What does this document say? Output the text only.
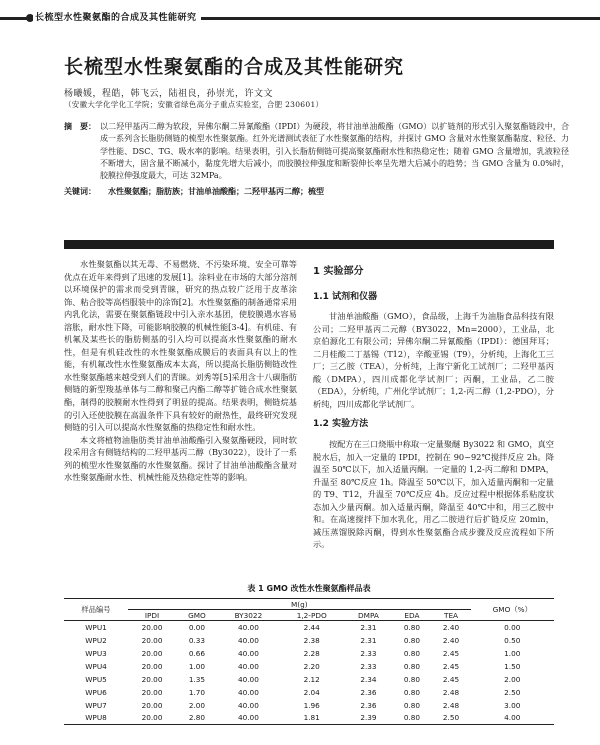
长梳型水性聚氨酯的合成及其性能研究
长梳型水性聚氨酯的合成及其性能研究
杨曦媛，程皓，韩飞云，陆祖良，孙崇光，许文文
（安徽大学化学化工学院；安徽省绿色高分子重点实验室，合肥 230601）
摘　要： 以二羟甲基丙二醇为软段，异佛尔酮二异氰酸酯（IPDI）为硬段，将甘油单油酸酯（GMO）以扩链剂的形式引入聚氨酯链段中，合成一系列含长脂肪侧链的梳型水性聚氨酯。红外光谱测试表征了水性聚氨酯的结构，并探讨 GMO 含量对水性聚氨酯黏度、粒径、力学性能、DSC、TG、吸水率的影响。结果表明，引入长脂肪侧链可提高聚氨酯耐水性和热稳定性；随着 GMO 含量增加，乳液粒径不断增大，固含量不断减小，黏度先增大后减小，而胶膜拉伸强度和断裂伸长率呈先增大后减小的趋势；当 GMO 含量为 0.0%时，胶膜拉伸强度最大，可达 32MPa。
关键词：	水性聚氨酯；脂肪族；甘油单油酸酯；二羟甲基丙二醇；梳型

水性聚氨酯以其无毒、不易燃烧、不污染环境、安全可靠等优点在近年来得到了迅速的发展[1]。涂料业在市场的大部分溶剂以环境保护的需求而受到青睐，研究的热点较广泛用于皮革涂饰、粘合胶等高档服装中的涂饰[2]。水性聚氨酯的制备通常采用内乳化法，需要在聚氨酯链段中引入亲水基团，使胶膜遇水容易溶胀，耐水性下降，可能影响胶膜的机械性能[3-4]。有机硅、有机氟及某些长的脂肪侧基的引入均可以提高水性聚氨酯的耐水性，但是有机硅改性的水性聚氨酯成膜后的表面具有以上的性能，有机氟改性水性聚氨酯成本太高，所以提高长脂肪侧链改性水性聚氨酯越来越受到人们的青睐。刘秀等[5]采用含十八碳脂肪侧链的新型羧基单体与二醇和聚己内酯二醇等扩链合成水性聚氨酯，制得的胶膜耐水性得到了明显的提高。结果表明，侧链烷基的引入还使胶膜在高温条件下具有较好的耐热性，最终研究发现侧链的引入可以提高水性聚氨酯的热稳定性和耐水性。

本文将植物油脂肪类甘油单油酸酯引入聚氨酯硬段，同时软段采用含有侧链结构的二羟甲基丙二醇（By3022），设计了一系列的梳型水性聚氨酯的水性聚氨酯。探讨了甘油单油酸酯含量对水性聚氨酯耐水性、机械性能及热稳定性等的影响。

1 实验部分
1.1 试剂和仪器
甘油单油酸酯（GMO），食品级，上海千为油脂食品科技有限公司；二羟甲基丙二元醇（BY3022，Mn=2000），工业品，北京伯源化工有限公司；异佛尔酮二异氰酸酯（IPDI）：德国拜耳；二月桂酸二丁基锡（T12），辛酸亚锡（T9），分析纯，上海化工三厂；三乙胺（TEA），分析纯，上海宁新化工试剂厂；二羟甲基丙酸（DMPA），四川成都化学试剂厂；丙酮，工业品，乙二胺（EDA），分析纯，广州化学试剂厂；1,2-丙二醇（1,2-PDO），分析纯，四川成都化学试剂厂。
1.2 实验方法
按配方在三口烧瓶中称取一定量聚醚 By3022 和 GMO，真空脱水后，加入一定量的 IPDI，控制在 90~92℃搅拌反应 2h。降温至 50℃以下，加入适量丙酮。一定量的 1,2-丙二醇和 DMPA，升温至 80℃反应 1h。降温至 50℃以下，加入适量丙酮和一定量的 T9、T12，升温至 70℃反应 4h。反应过程中根据体系粘度状态加入少量丙酮。加入适量丙酮，降温至 40℃中和，用三乙胺中和。在高速搅拌下加水乳化，用乙二胺进行后扩链反应 20min，减压蒸馏脱除丙酮，得到水性聚氨酯合成步骤及反应流程如下所示。
表 1 GMO 改性水性聚氨酯样品表
样品编号	M(g)							GMO（%）
	IPDI	GMO	BY3022	1,2-PDO	DMPA	EDA	TEA	
WPU1	20.00	0.00	40.00	2.44	2.31	0.80	2.40	0.00
WPU2	20.00	0.33	40.00	2.38	2.31	0.80	2.40	0.50
WPU3	20.00	0.66	40.00	2.28	2.33	0.80	2.45	1.00
WPU4	20.00	1.00	40.00	2.20	2.33	0.80	2.45	1.50
WPU5	20.00	1.35	40.00	2.12	2.34	0.80	2.45	2.00
WPU6	20.00	1.70	40.00	2.04	2.36	0.80	2.48	2.50
WPU7	20.00	2.00	40.00	1.96	2.36	0.80	2.48	3.00
WPU8	20.00	2.80	40.00	1.81	2.39	0.80	2.50	4.00
